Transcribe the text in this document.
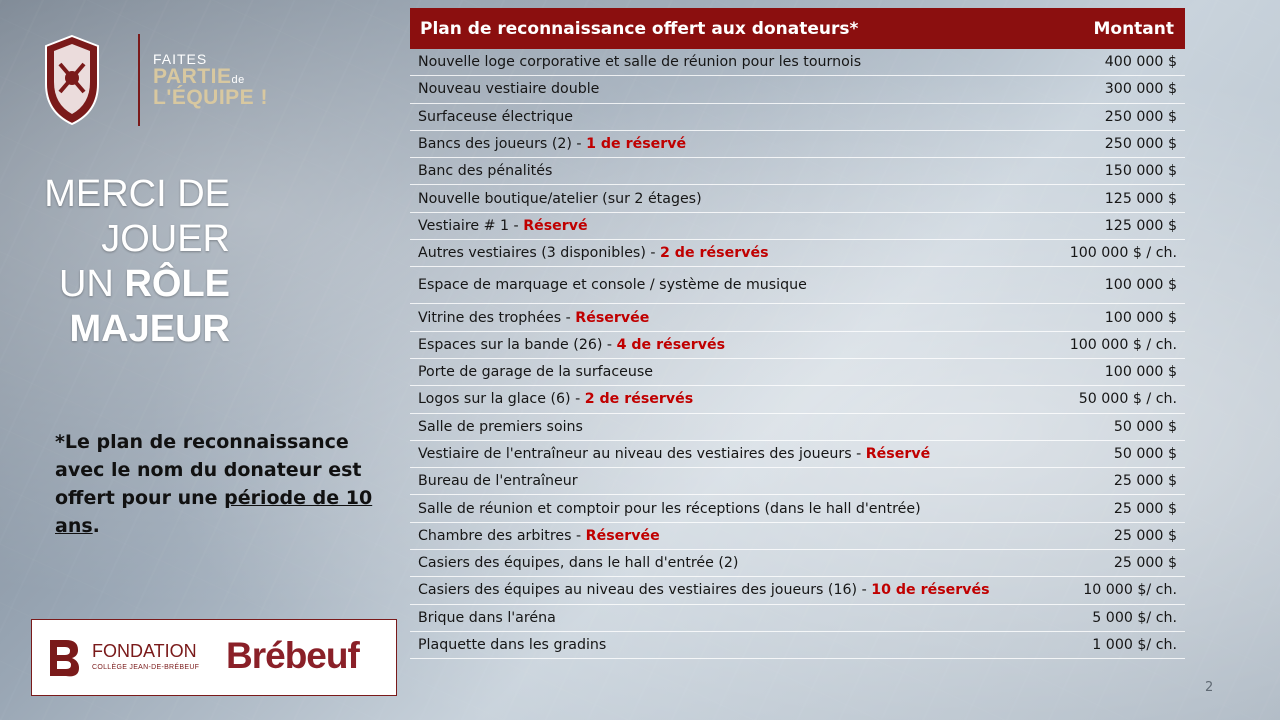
FAITES
PARTIEde
L'ÉQUIPE !
MERCI DE
JOUER
UN RÔLE
MAJEUR
*Le plan de reconnaissance avec le nom du donateur est offert pour une période de 10 ans.
FONDATION
COLLÈGE JEAN-DE-BRÉBEUF Brébeuf
Plan de reconnaissance offert aux donateurs*	Montant
Nouvelle loge corporative et salle de réunion pour les tournois	400 000 $
Nouveau vestiaire double	300 000 $
Surfaceuse électrique	250 000 $
Bancs des joueurs (2) - 1 de réservé	250 000 $
Banc des pénalités	150 000 $
Nouvelle boutique/atelier (sur 2 étages)	125 000 $
Vestiaire # 1 - Réservé	125 000 $
Autres vestiaires (3 disponibles) - 2 de réservés	100 000 $ / ch.
Espace de marquage et console / système de musique	100 000 $
Vitrine des trophées - Réservée	100 000 $
Espaces sur la bande (26) - 4 de réservés	100 000 $ / ch.
Porte de garage de la surfaceuse	100 000 $
Logos sur la glace (6) - 2 de réservés	50 000 $ / ch.
Salle de premiers soins	50 000 $
Vestiaire de l'entraîneur au niveau des vestiaires des joueurs - Réservé	50 000 $
Bureau de l'entraîneur	25 000 $
Salle de réunion et comptoir pour les réceptions (dans le hall d'entrée)	25 000 $
Chambre des arbitres - Réservée	25 000 $
Casiers des équipes, dans le hall d'entrée (2)	25 000 $
Casiers des équipes au niveau des vestiaires des joueurs (16) - 10 de réservés	10 000 $/ ch.
Brique dans l'aréna	5 000 $/ ch.
Plaquette dans les gradins	1 000 $/ ch.
2
